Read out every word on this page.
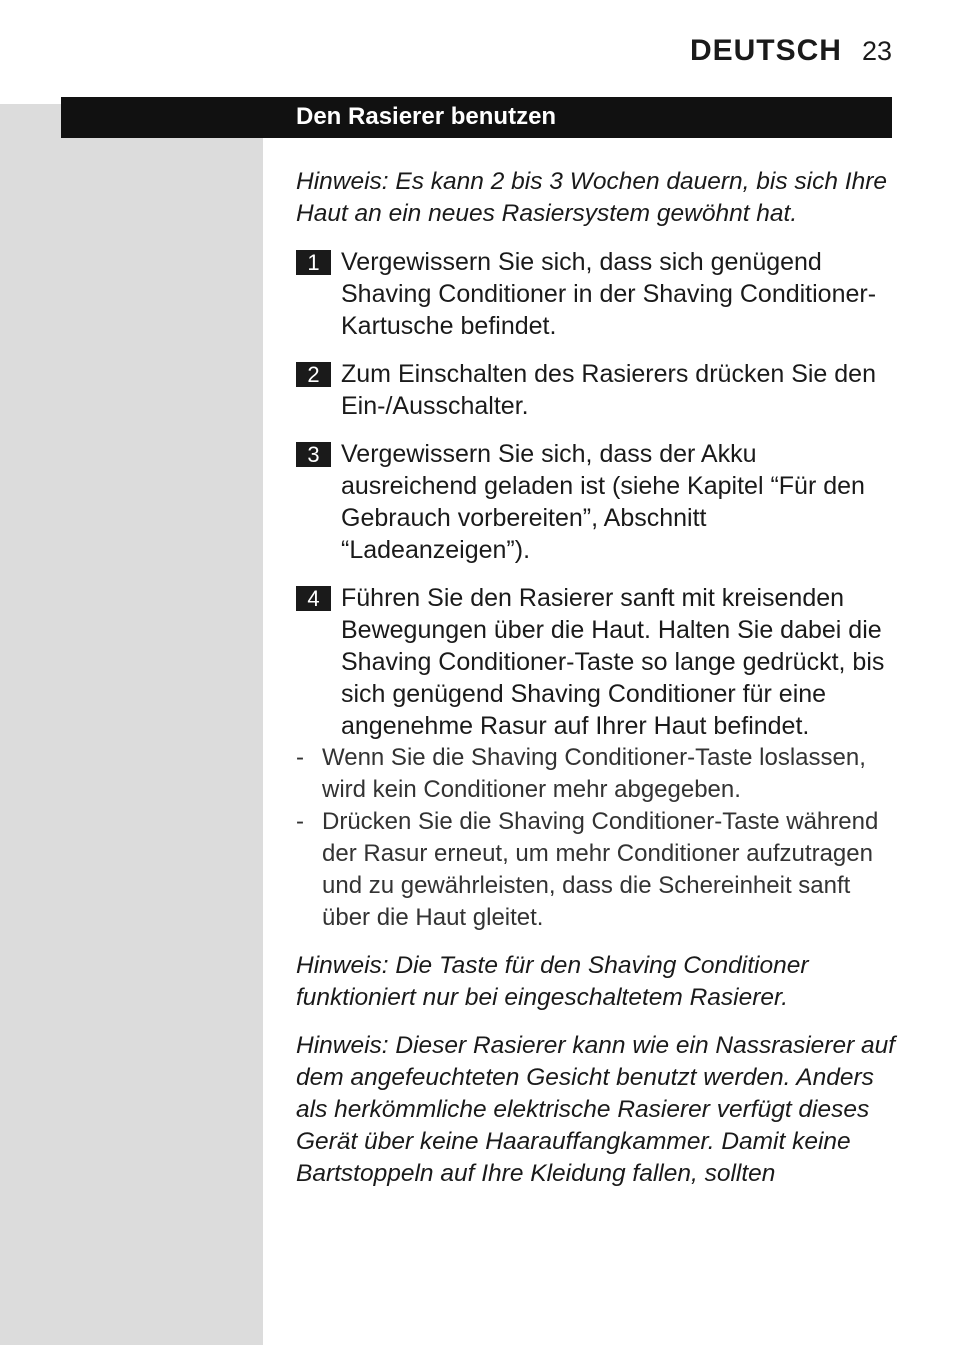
DEUTSCH 23
Den Rasierer benutzen

Hinweis: Es kann 2 bis 3 Wochen dauern, bis sich Ihre Haut an ein neues Rasiersystem gewöhnt hat.

1 Vergewissern Sie sich, dass sich genügend Shaving Conditioner in der Shaving Conditioner-Kartusche befindet.
2 Zum Einschalten des Rasierers drücken Sie den Ein-/Ausschalter.
3 Vergewissern Sie sich, dass der Akku ausreichend geladen ist (siehe Kapitel “Für den Gebrauch vorbereiten”, Abschnitt “Ladeanzeigen”).
4 Führen Sie den Rasierer sanft mit kreisenden Bewegungen über die Haut. Halten Sie dabei die Shaving Conditioner-Taste so lange gedrückt, bis sich genügend Shaving Conditioner für eine angenehme Rasur auf Ihrer Haut befindet.
- Wenn Sie die Shaving Conditioner-Taste loslassen, wird kein Conditioner mehr abgegeben.
- Drücken Sie die Shaving Conditioner-Taste während der Rasur erneut, um mehr Conditioner aufzutragen und zu gewährleisten, dass die Schereinheit sanft über die Haut gleitet.

Hinweis: Die Taste für den Shaving Conditioner funktioniert nur bei eingeschaltetem Rasierer.

Hinweis: Dieser Rasierer kann wie ein Nassrasierer auf dem angefeuchteten Gesicht benutzt werden. Anders als herkömmliche elektrische Rasierer verfügt dieses Gerät über keine Haarauffangkammer. Damit keine Bartstoppeln auf Ihre Kleidung fallen, sollten
